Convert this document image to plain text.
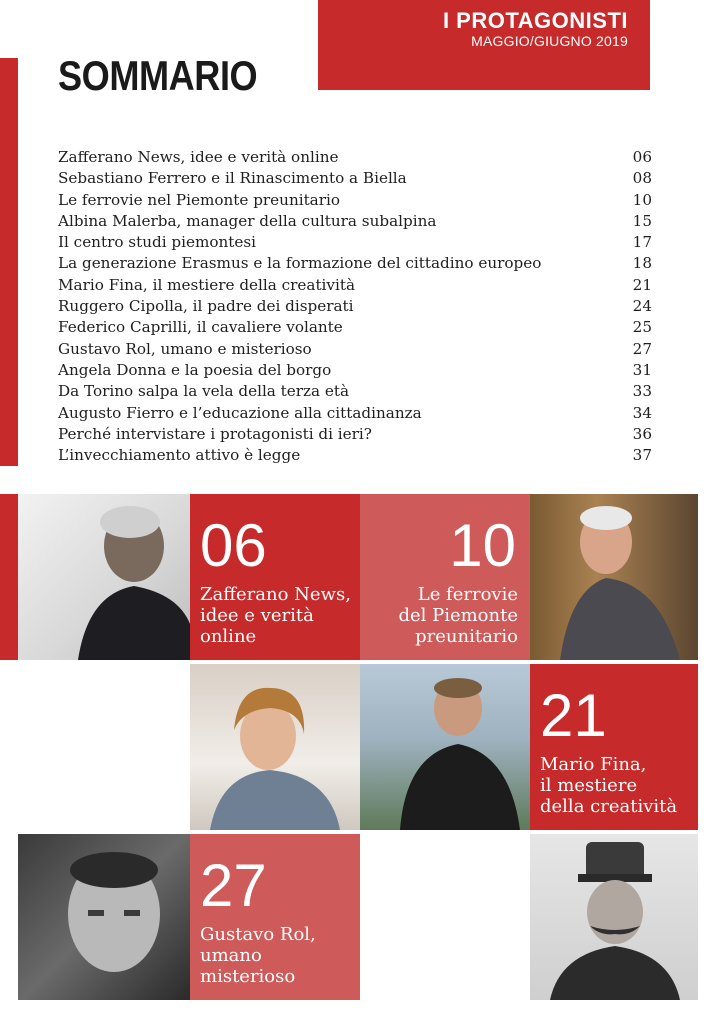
I PROTAGONISTI
MAGGIO/GIUGNO 2019
SOMMARIO
Zafferano News, idee e verità online	06
Sebastiano Ferrero e il Rinascimento a Biella	08
Le ferrovie nel Piemonte preunitario	10
Albina Malerba, manager della cultura subalpina	15
Il centro studi piemontesi	17
La generazione Erasmus e la formazione del cittadino europeo	18
Mario Fina, il mestiere della creatività	21
Ruggero Cipolla, il padre dei disperati	24
Federico Caprilli, il cavaliere volante	25
Gustavo Rol, umano e misterioso	27
Angela Donna e la poesia del borgo	31
Da Torino salpa la vela della terza età	33
Augusto Fierro e l’educazione alla cittadinanza	34
Perché intervistare i protagonisti di ieri?	36
L’invecchiamento attivo è legge	37
06
Zafferano News,
idee e verità
online
10
Le ferrovie
del Piemonte
preunitario
21
Mario Fina,
il mestiere
della creatività
27
Gustavo Rol,
umano
misterioso
